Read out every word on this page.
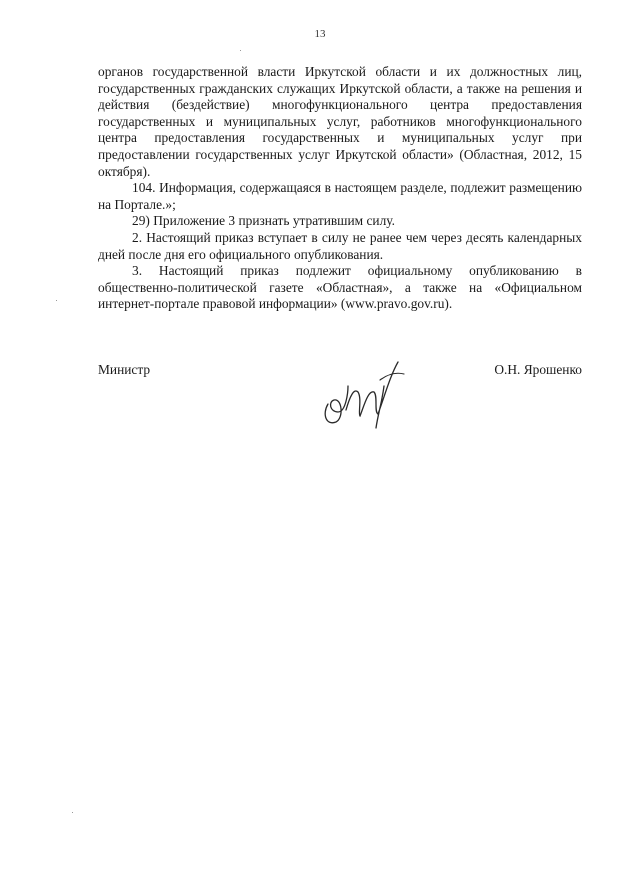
13

органов государственной власти Иркутской области и их должностных лиц, государственных гражданских служащих Иркутской области, а также на решения и действия (бездействие) многофункционального центра предоставления государственных и муниципальных услуг, работников многофункционального центра предоставления государственных и муниципальных услуг при предоставлении государственных услуг Иркутской области» (Областная, 2012, 15 октября).

104. Информация, содержащаяся в настоящем разделе, подлежит размещению на Портале.»;

29) Приложение 3 признать утратившим силу.

2. Настоящий приказ вступает в силу не ранее чем через десять календарных дней после дня его официального опубликования.

3. Настоящий приказ подлежит официальному опубликованию в общественно-политической газете «Областная», а также на «Официальном интернет-портале правовой информации» (www.pravo.gov.ru).

Министр	О.Н. Ярошенко
